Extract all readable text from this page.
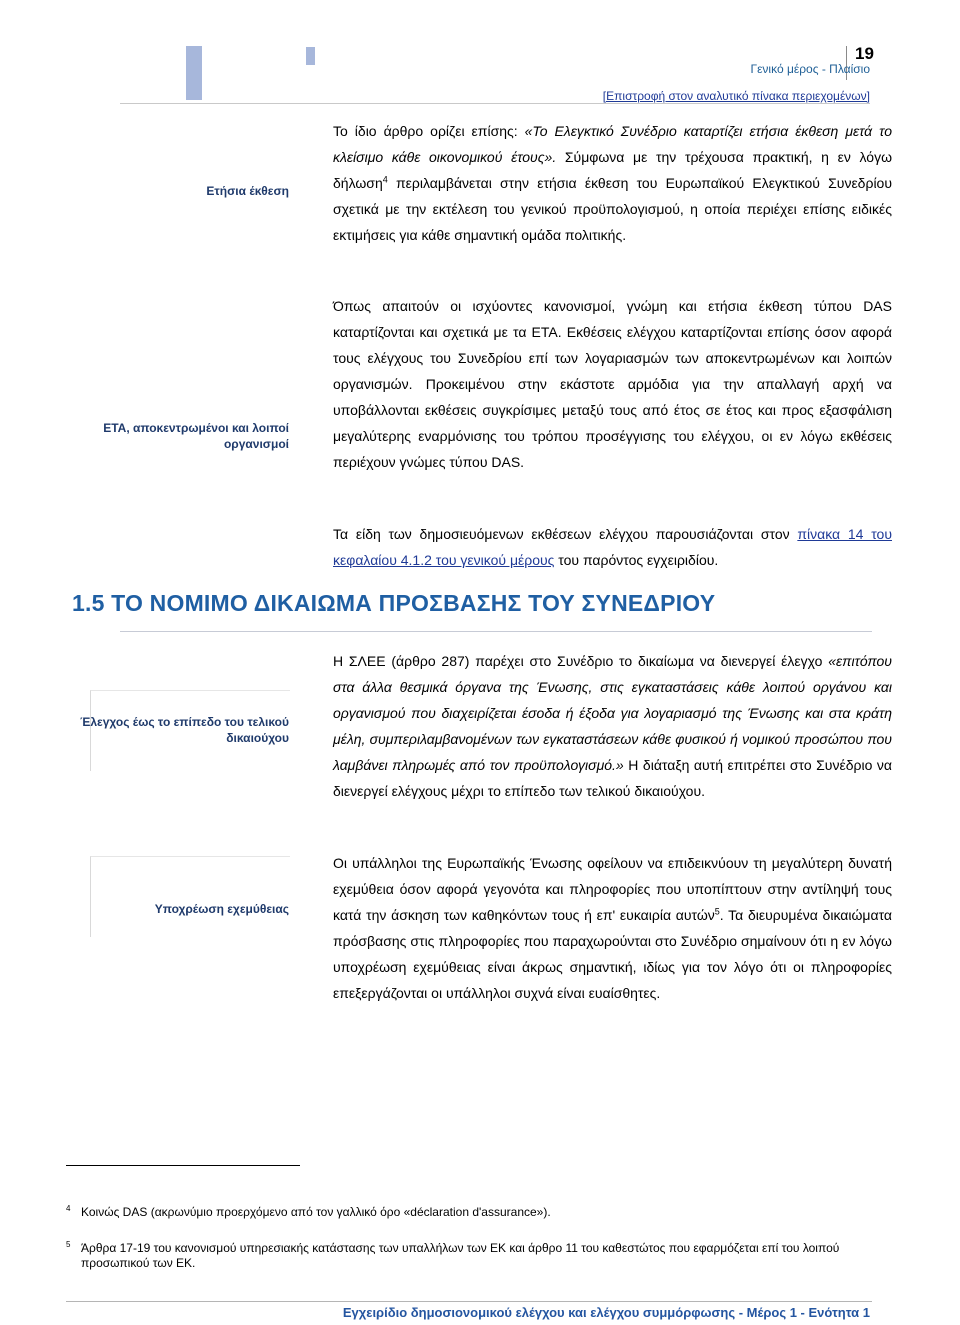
19
Γενικό μέρος - Πλαίσιο
[Επιστροφή στον αναλυτικό πίνακα περιεχομένων]
Ετήσια έκθεση
ΕΤΑ, αποκεντρωμένοι και λοιποί οργανισμοί
Το ίδιο άρθρο ορίζει επίσης: «Το Ελεγκτικό Συνέδριο καταρτίζει ετήσια έκθεση μετά το κλείσιμο κάθε οικονομικού έτους». Σύμφωνα με την τρέχουσα πρακτική, η εν λόγω δήλωση$^4$ περιλαμβάνεται στην ετήσια έκθεση του Ευρωπαϊκού Ελεγκτικού Συνεδρίου σχετικά με την εκτέλεση του γενικού προϋπολογισμού, η οποία περιέχει επίσης ειδικές εκτιμήσεις για κάθε σημαντική ομάδα πολιτικής.
Όπως απαιτούν οι ισχύοντες κανονισμοί, γνώμη και ετήσια έκθεση τύπου DAS καταρτίζονται και σχετικά με τα ΕΤΑ. Εκθέσεις ελέγχου καταρτίζονται επίσης όσον αφορά τους ελέγχους του Συνεδρίου επί των λογαριασμών των αποκεντρωμένων και λοιπών οργανισμών. Προκειμένου στην εκάστοτε αρμόδια για την απαλλαγή αρχή να υποβάλλονται εκθέσεις συγκρίσιμες μεταξύ τους από έτος σε έτος και προς εξασφάλιση μεγαλύτερης εναρμόνισης του τρόπου προσέγγισης του ελέγχου, οι εν λόγω εκθέσεις περιέχουν γνώμες τύπου DAS.
Τα είδη των δημοσιευόμενων εκθέσεων ελέγχου παρουσιάζονται στον πίνακα 14 του κεφαλαίου 4.1.2 του γενικού μέρους του παρόντος εγχειριδίου.
1.5 ΤΟ ΝΟΜΙΜΟ ΔΙΚΑΙΩΜΑ ΠΡΟΣΒΑΣΗΣ ΤΟΥ ΣΥΝΕΔΡΙΟΥ
Έλεγχος έως το επίπεδο του τελικού δικαιούχου
Υποχρέωση εχεμύθειας
Η ΣΛΕΕ (άρθρο 287) παρέχει στο Συνέδριο το δικαίωμα να διενεργεί έλεγχο «επιτόπου στα άλλα θεσμικά όργανα της Ένωσης, στις εγκαταστάσεις κάθε λοιπού οργάνου και οργανισμού που διαχειρίζεται έσοδα ή έξοδα για λογαριασμό της Ένωσης και στα κράτη μέλη, συμπεριλαμβανομένων των εγκαταστάσεων κάθε φυσικού ή νομικού προσώπου που λαμβάνει πληρωμές από τον προϋπολογισμό.» Η διάταξη αυτή επιτρέπει στο Συνέδριο να διενεργεί ελέγχους μέχρι το επίπεδο των τελικού δικαιούχου.
Οι υπάλληλοι της Ευρωπαϊκής Ένωσης οφείλουν να επιδεικνύουν τη μεγαλύτερη δυνατή εχεμύθεια όσον αφορά γεγονότα και πληροφορίες που υποπίπτουν στην αντίληψή τους κατά την άσκηση των καθηκόντων τους ή επ' ευκαιρία αυτών$^5$. Τα διευρυμένα δικαιώματα πρόσβασης στις πληροφορίες που παραχωρούνται στο Συνέδριο σημαίνουν ότι η εν λόγω υποχρέωση εχεμύθειας είναι άκρως σημαντική, ιδίως για τον λόγο ότι οι πληροφορίες επεξεργάζονται οι υπάλληλοι συχνά είναι ευαίσθητες.
4 Κοινώς DAS (ακρωνύμιο προερχόμενο από τον γαλλικό όρο «déclaration d'assurance»).
5 Άρθρα 17-19 του κανονισμού υπηρεσιακής κατάστασης των υπαλλήλων των ΕΚ και άρθρο 11 του καθεστώτος που εφαρμόζεται επί του λοιπού προσωπικού των ΕΚ.
Εγχειρίδιο δημοσιονομικού ελέγχου και ελέγχου συμμόρφωσης - Μέρος 1 - Ενότητα 1
